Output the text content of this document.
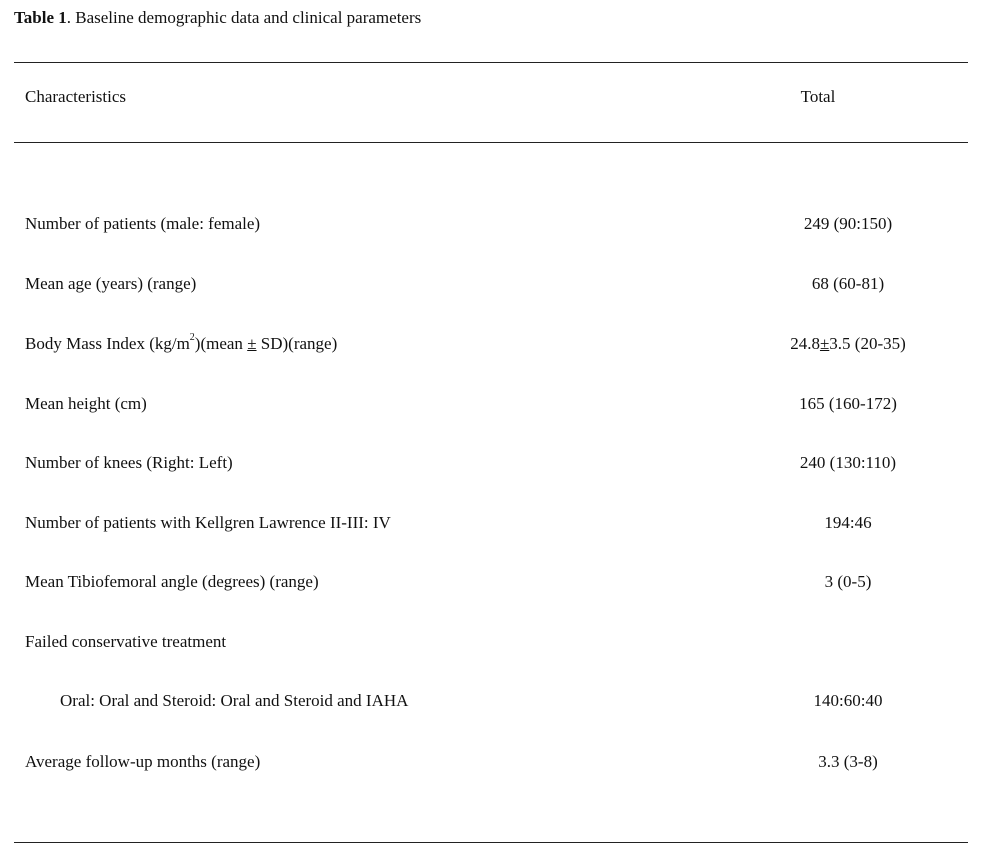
Table 1. Baseline demographic data and clinical parameters
Characteristics	Total
Number of patients (male: female)	249 (90:150)
Mean age (years) (range)	68 (60-81)
Body Mass Index $(kg/m^2)(mean$ ± SD)(range)	24.8±3.5 (20-35)
Mean height (cm)	165 (160-172)
Number of knees (Right: Left)	240 (130:110)
Number of patients with Kellgren Lawrence II-III: IV	194:46
Mean Tibiofemoral angle (degrees) (range)	3 (0-5)
Failed conservative treatment
Oral: Oral and Steroid: Oral and Steroid and IAHA	140:60:40
Average follow-up months (range)	3.3 (3-8)
